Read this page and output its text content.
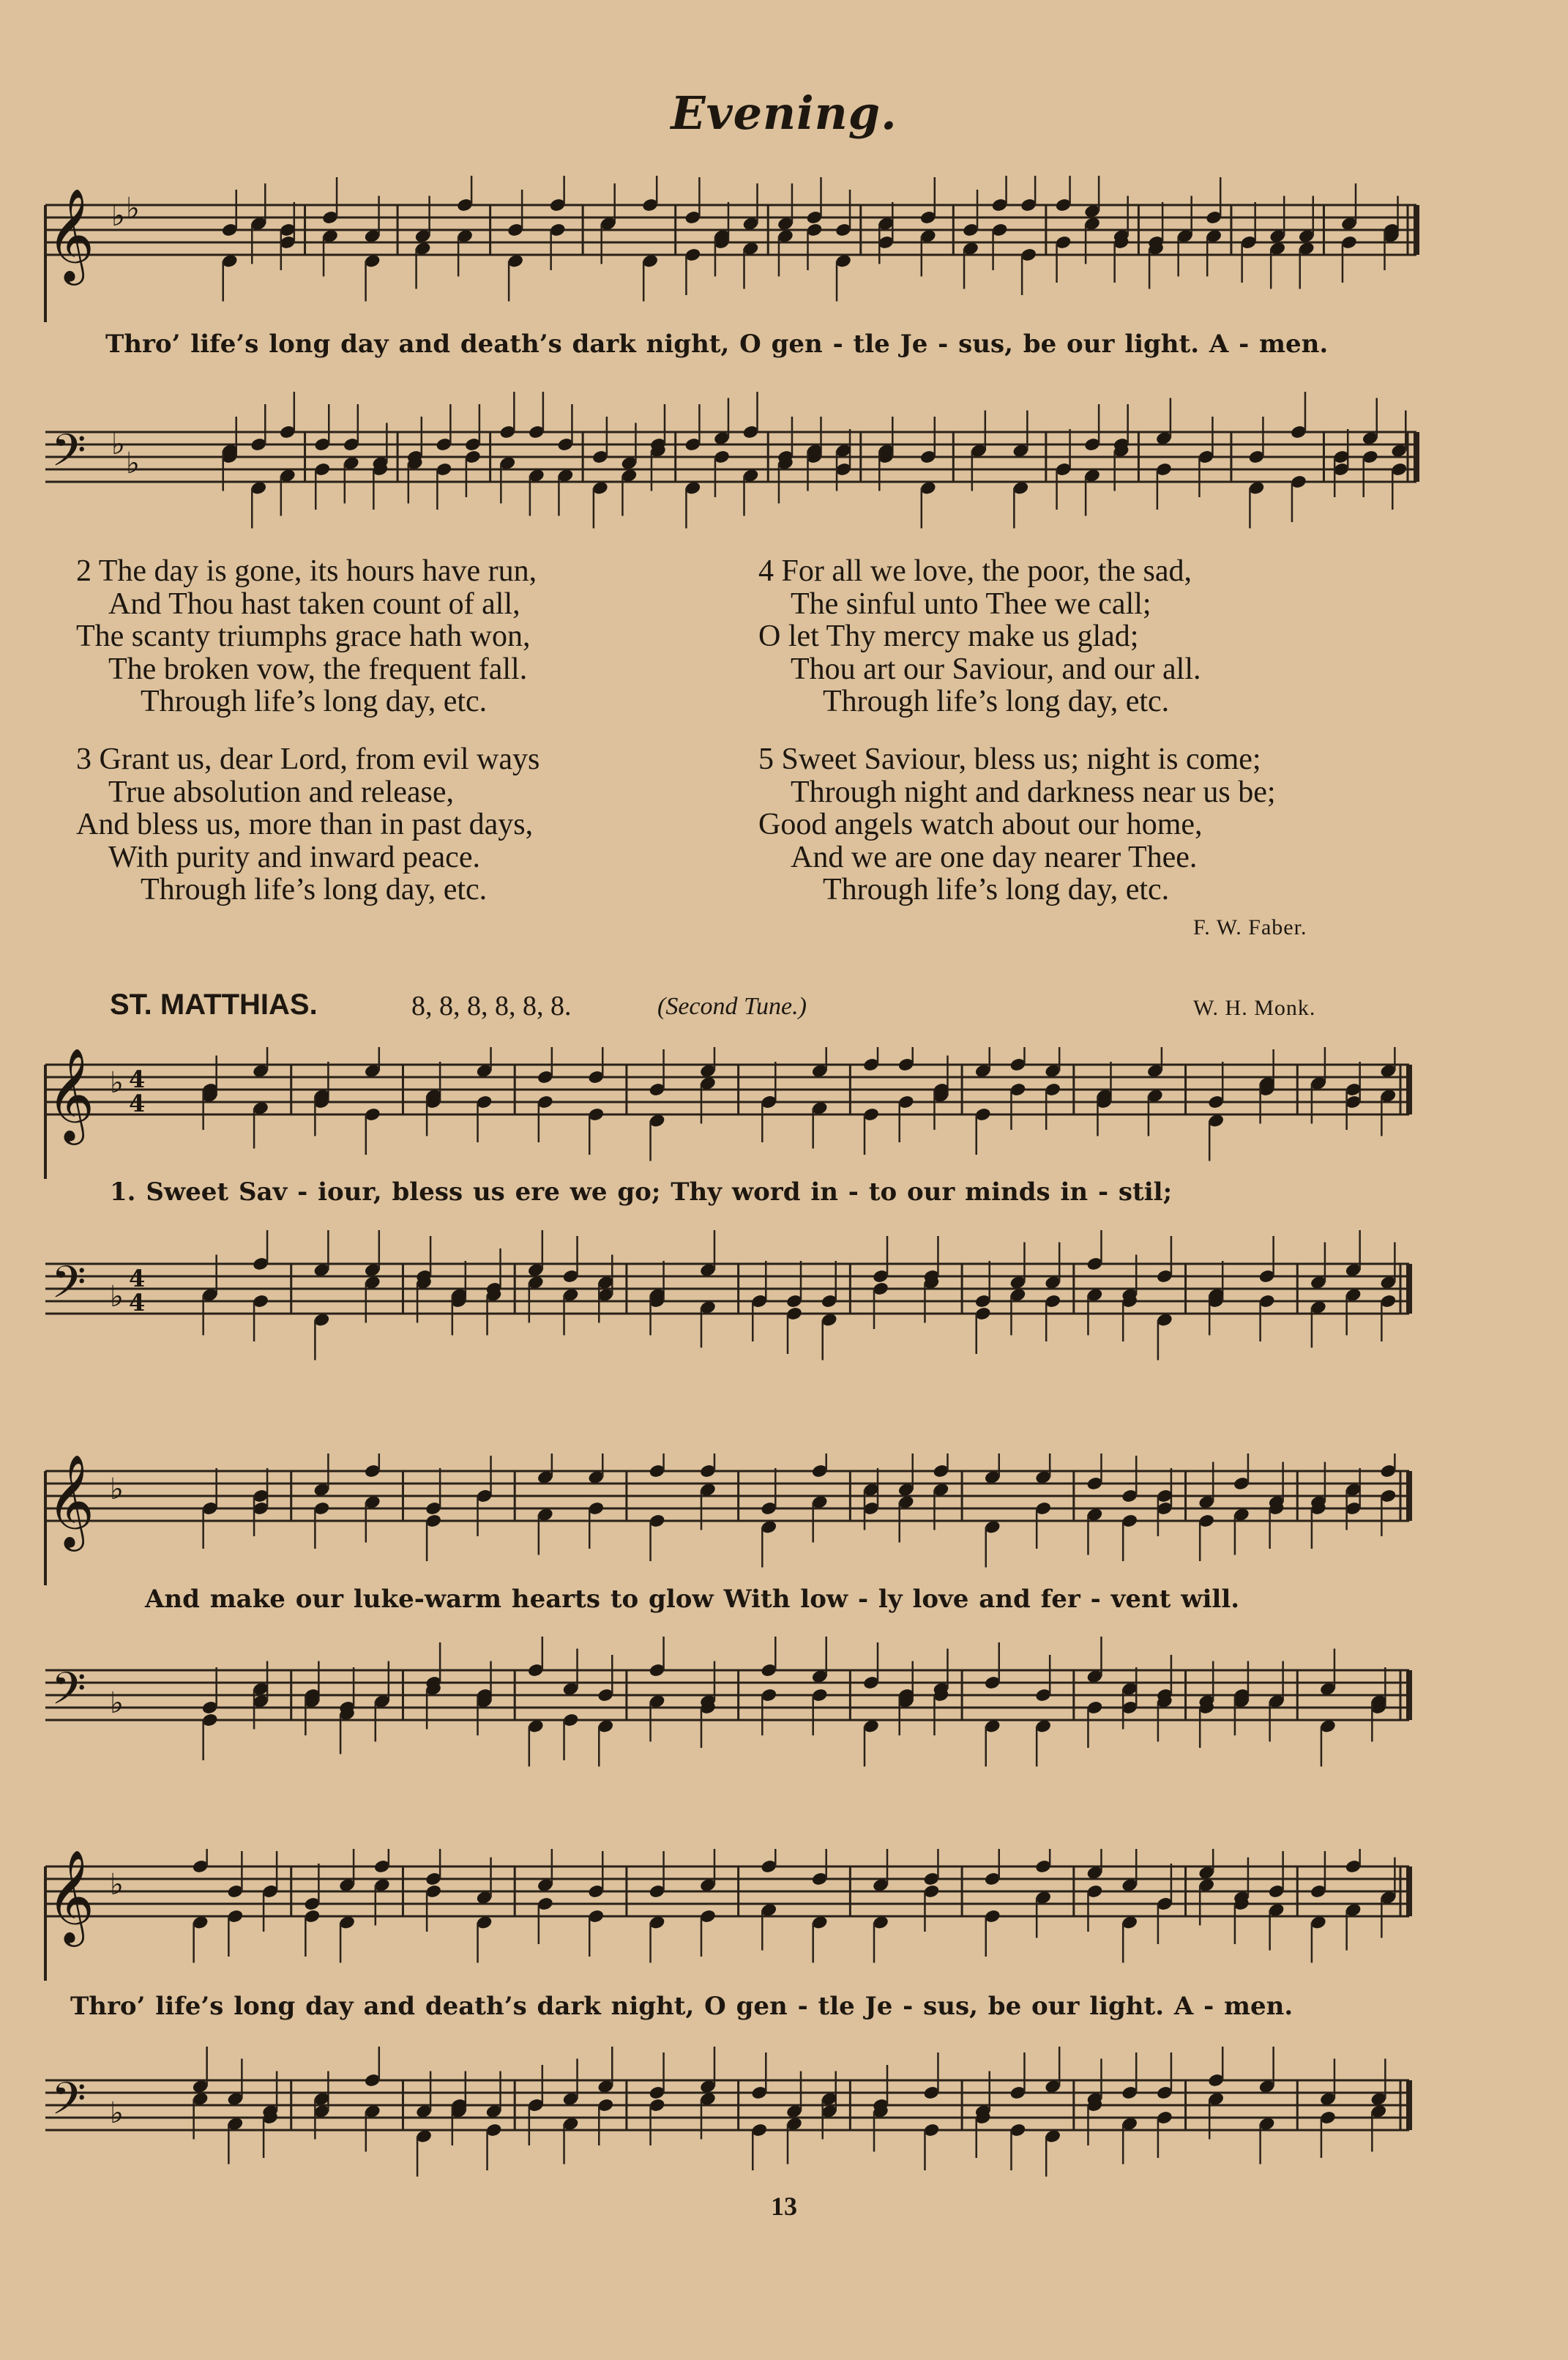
Evening.
𝄞 ♭ ♭
Thro’ life’s long day and death’s dark night, O gen - tle Je - sus, be our light. A - men.
𝄢 ♭
♭
2 The day is gone, its hours have run,
And Thou hast taken count of all,
The scanty triumphs grace hath won,
The broken vow, the frequent fall.
Through life’s long day, etc.
3 Grant us, dear Lord, from evil ways
True absolution and release,
And bless us, more than in past days,
With purity and inward peace.
Through life’s long day, etc.
4 For all we love, the poor, the sad,
The sinful unto Thee we call;
O let Thy mercy make us glad;
Thou art our Saviour, and our all.
Through life’s long day, etc.
5 Sweet Saviour, bless us; night is come;
Through night and darkness near us be;
Good angels watch about our home,
And we are one day nearer Thee.
Through life’s long day, etc.
F. W. Faber.
ST. MATTHIAS.	8, 8, 8, 8, 8, 8.	(Second Tune.)	W. H. Monk.
𝄞 ♭ 4
4
1. Sweet Sav - iour, bless us ere we go; Thy word in - to our minds in - stil;
𝄢 ♭
4
4
𝄞 ♭
And make our luke-warm hearts to glow With low - ly love and fer - vent will.
𝄢 ♭
𝄞 ♭
Thro’ life’s long day and death’s dark night, O gen - tle Je - sus, be our light. A - men.
𝄢 ♭
13
